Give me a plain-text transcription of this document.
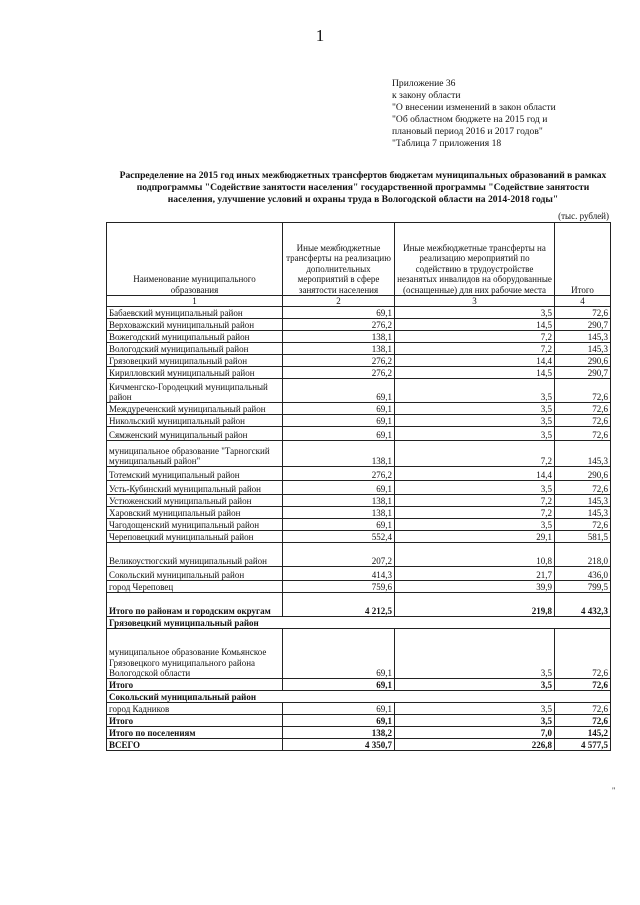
1
Приложение 36
к закону области
"О внесении изменений в закон области
"Об областном бюджете на 2015 год и
плановый период 2016 и 2017 годов"
"Таблица 7 приложения 18
Распределение на 2015 год иных межбюджетных трансфертов бюджетам муниципальных образований в рамках подпрограммы "Содействие занятости населения" государственной программы "Содействие занятости населения, улучшение условий и охраны труда в Вологодской области на 2014-2018 годы"
(тыс. рублей)
Наименование муниципального образования	Иные межбюджетные трансферты на реализацию дополнительных мероприятий в сфере занятости населения	Иные межбюджетные трансферты на реализацию мероприятий по содействию в трудоустройстве незанятых инвалидов на оборудованные (оснащенные) для них рабочие места	Итого
1	2	3	4
Бабаевский муниципальный район	69,1	3,5	72,6
Верховажский муниципальный район	276,2	14,5	290,7
Вожегодский муниципальный район	138,1	7,2	145,3
Вологодский муниципальный район	138,1	7,2	145,3
Грязовецкий муниципальный район	276,2	14,4	290,6
Кирилловский муниципальный район	276,2	14,5	290,7
Кичменгско-Городецкий муниципальный район	69,1	3,5	72,6
Междуреченский муниципальный район	69,1	3,5	72,6
Никольский муниципальный район	69,1	3,5	72,6
Сямженский муниципальный район	69,1	3,5	72,6
муниципальное образование "Тарногский муниципальный район"	138,1	7,2	145,3
Тотемский муниципальный район	276,2	14,4	290,6
Усть-Кубинский муниципальный район	69,1	3,5	72,6
Устюженский муниципальный район	138,1	7,2	145,3
Харовский муниципальный район	138,1	7,2	145,3
Чагодощенский муниципальный район	69,1	3,5	72,6
Череповецкий муниципальный район	552,4	29,1	581,5
Великоустюгский муниципальный район	207,2	10,8	218,0
Сокольский муниципальный район	414,3	21,7	436,0
город Череповец	759,6	39,9	799,5
Итого по районам и городским округам	4 212,5	219,8	4 432,3
Грязовецкий муниципальный район			
муниципальное образование Комьянское Грязовецкого муниципального района Вологодской области	69,1	3,5	72,6
Итого	69,1	3,5	72,6
Сокольский муниципальный район			
город Кадников	69,1	3,5	72,6
Итого	69,1	3,5	72,6
Итого по поселениям	138,2	7,0	145,2
ВСЕГО	4 350,7	226,8	4 577,5
"
